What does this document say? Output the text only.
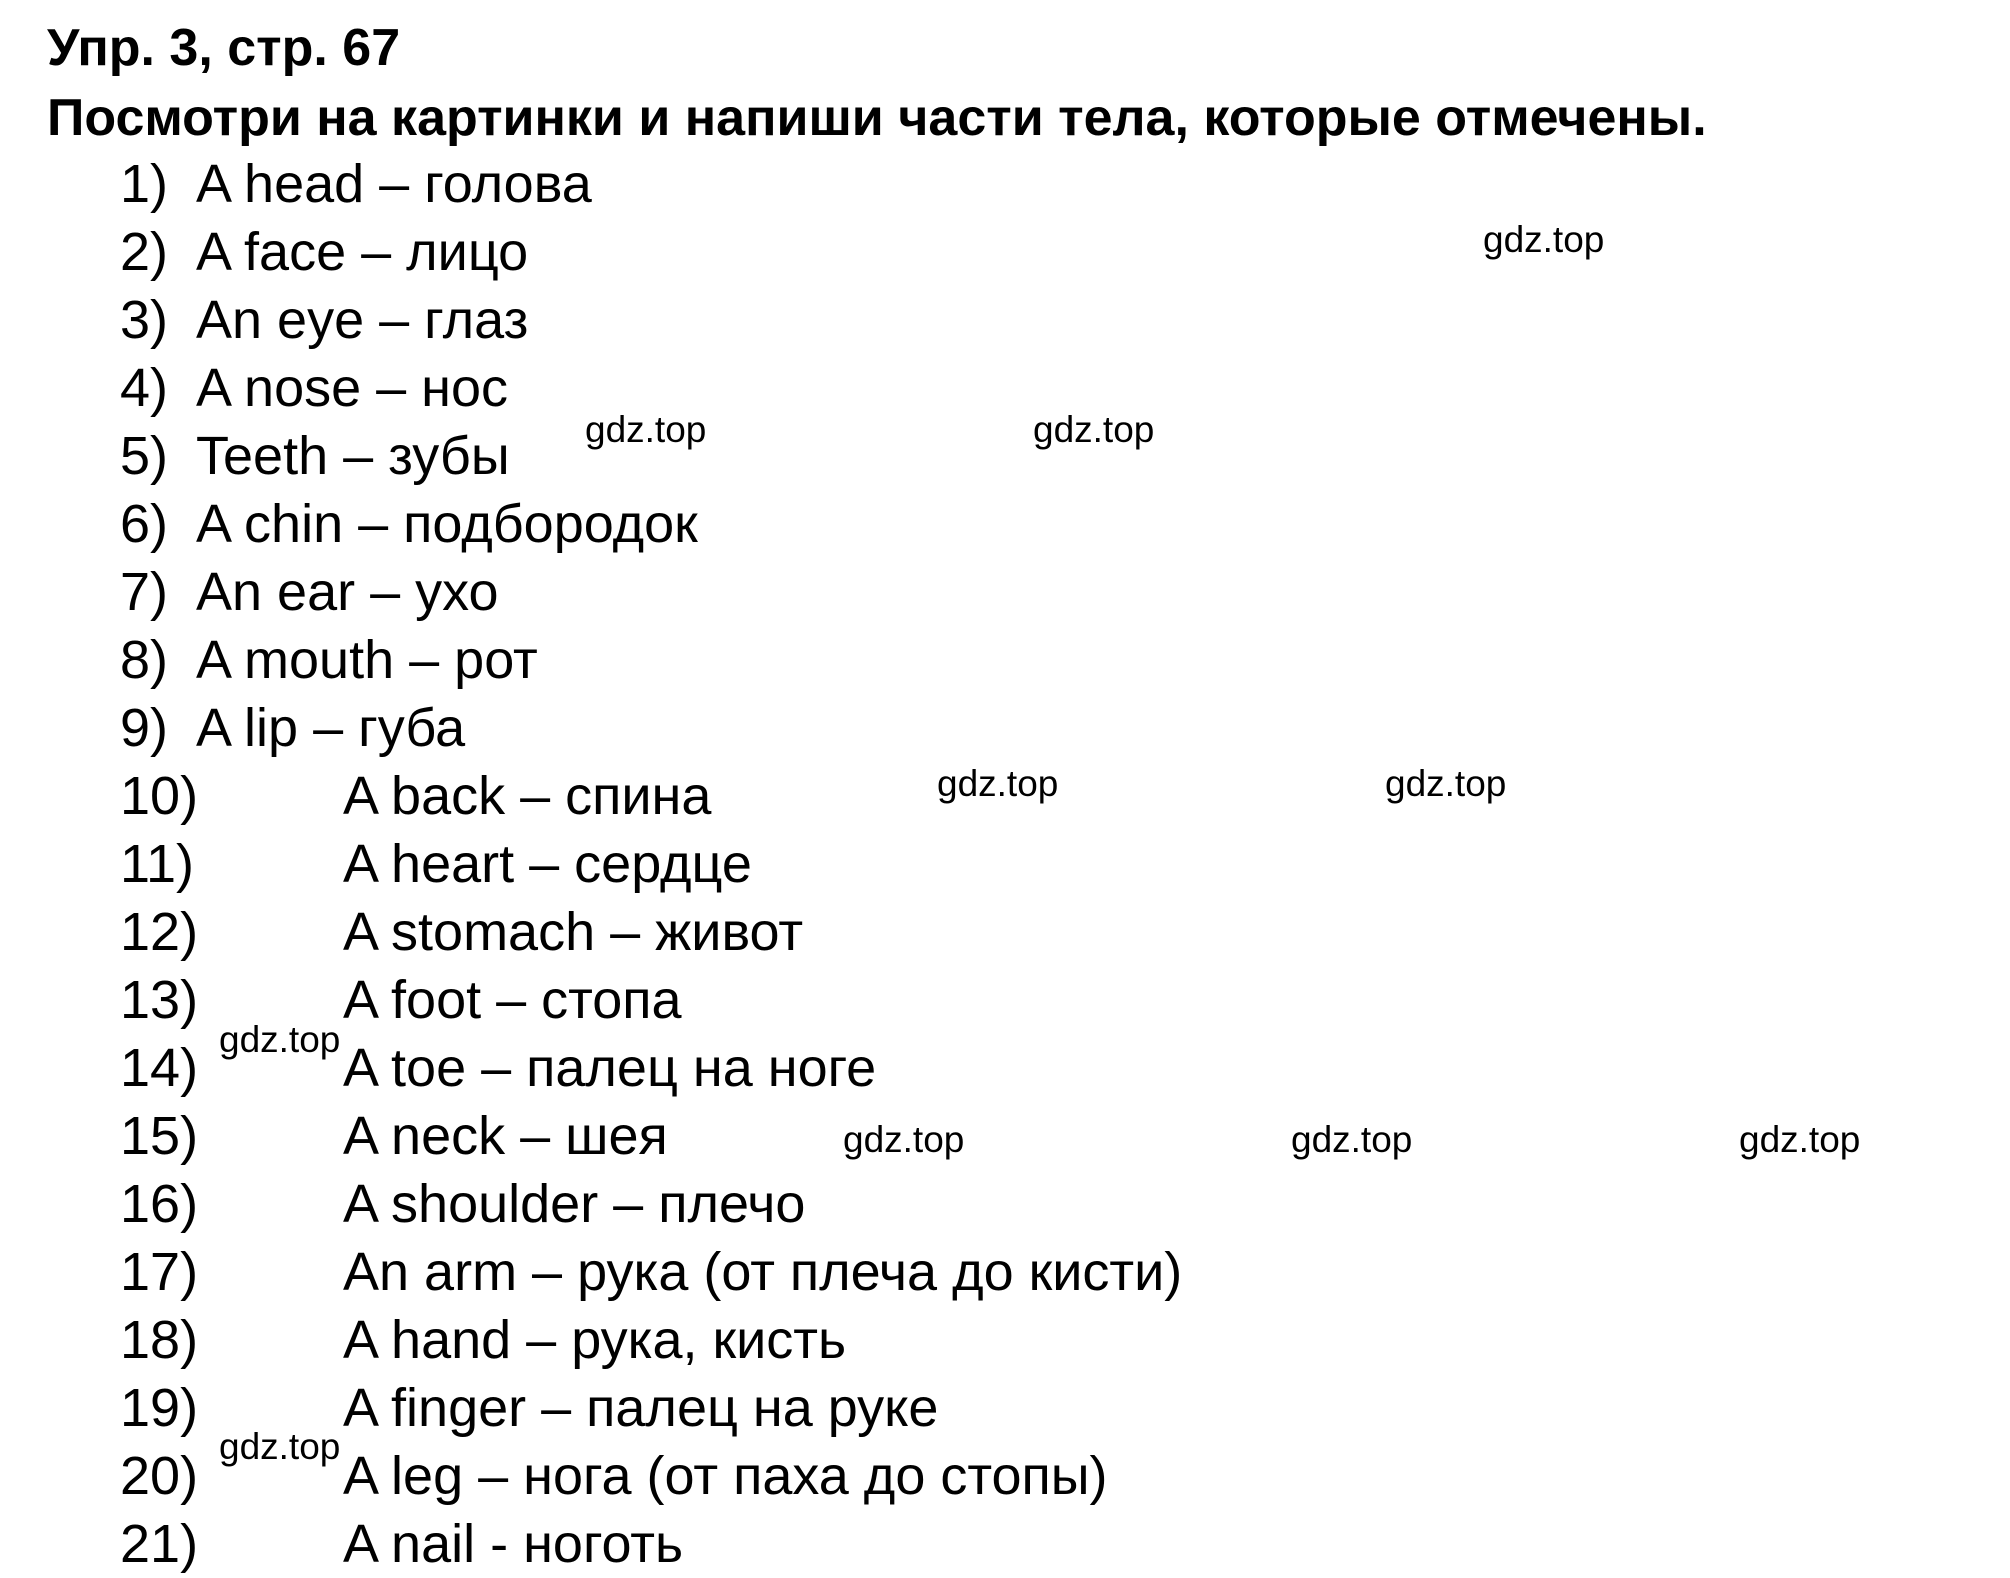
Упр. 3, стр. 67
Посмотри на картинки и напиши части тела, которые отмечены.
1) A head – голова
2) A face – лицо
3) An eye – глаз
4) A nose – нос
5) Teeth – зубы
6) A chin – подбородок
7) An ear – ухо
8) A mouth – рот
9) A lip – губа
10)	A back – спина
11)	A heart – сердце
12)	A stomach – живот
13)	A foot – стопа
14)	A toe – палец на ноге
15)	A neck – шея
16)	A shoulder – плечо
17)	An arm – рука (от плеча до кисти)
18)	A hand – рука, кисть
19)	A finger – палец на руке
20)	A leg – нога (от паха до стопы)
21)	A nail - ноготь
gdz.top
gdz.top	gdz.top
gdz.top	gdz.top
gdz.top
gdz.top	gdz.top	gdz.top
gdz.top
